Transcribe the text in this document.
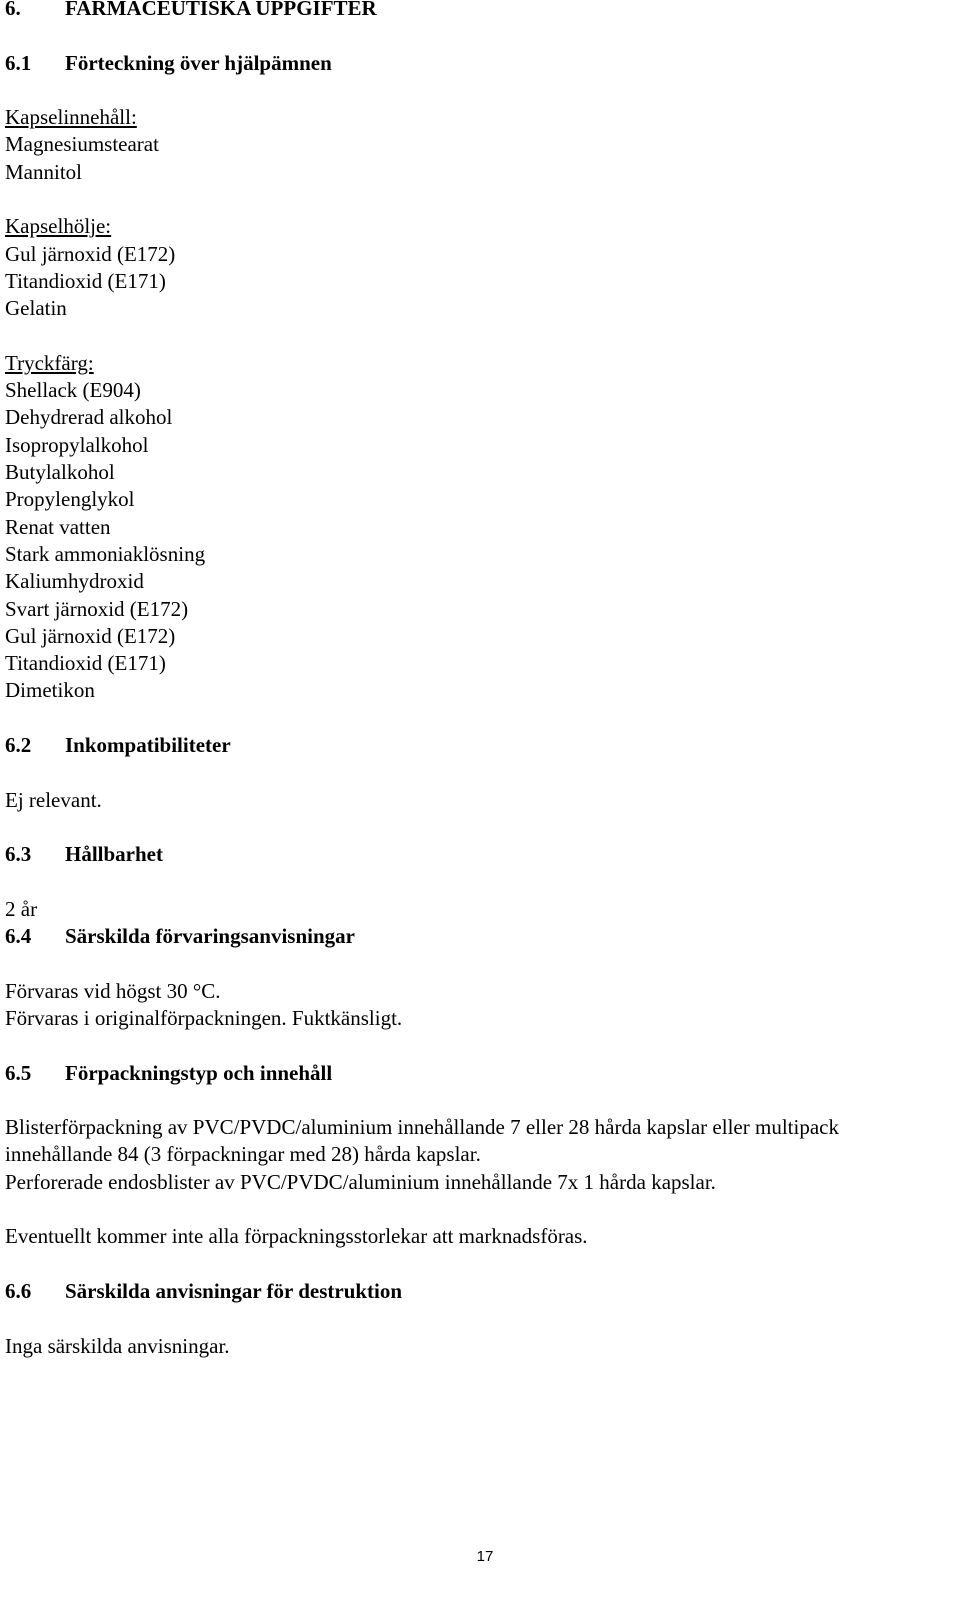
6.	FARMACEUTISKA UPPGIFTER
6.1	Förteckning över hjälpämnen
Kapselinnehåll:
Magnesiumstearat
Mannitol
Kapselhölje:
Gul järnoxid (E172)
Titandioxid (E171)
Gelatin
Tryckfärg:
Shellack (E904)
Dehydrerad alkohol
Isopropylalkohol
Butylalkohol
Propylenglykol
Renat vatten
Stark ammoniaklösning
Kaliumhydroxid
Svart järnoxid (E172)
Gul järnoxid (E172)
Titandioxid (E171)
Dimetikon
6.2	Inkompatibiliteter
Ej relevant.
6.3	Hållbarhet
2 år
6.4	Särskilda förvaringsanvisningar
Förvaras vid högst 30 °C.
Förvaras i originalförpackningen. Fuktkänsligt.
6.5	Förpackningstyp och innehåll
Blisterförpackning av PVC/PVDC/aluminium innehållande 7 eller 28 hårda kapslar eller multipack
innehållande 84 (3 förpackningar med 28) hårda kapslar.
Perforerade endosblister av PVC/PVDC/aluminium innehållande 7x 1 hårda kapslar.
Eventuellt kommer inte alla förpackningsstorlekar att marknadsföras.
6.6	Särskilda anvisningar för destruktion
Inga särskilda anvisningar.
17
